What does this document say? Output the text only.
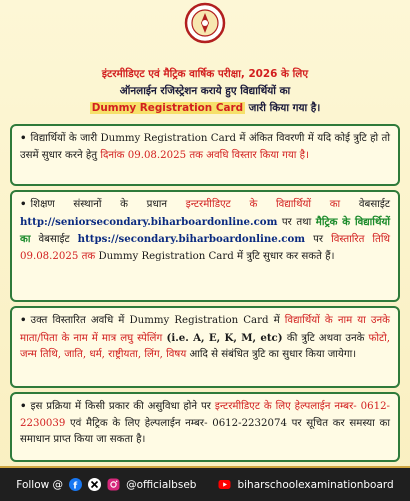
इंटरमीडिएट एवं मैट्रिक वार्षिक परीक्षा, 2026 के लिए
ऑनलाईन रजिस्ट्रेशन कराये हुए विद्यार्थियों का
Dummy Registration Card जारी किया गया है।

• विद्यार्थियों के जारी Dummy Registration Card में अंकित विवरणी में यदि कोई त्रुटि हो तो उसमें सुधार करने हेतु दिनांक 09.08.2025 तक अवधि विस्तार किया गया है।

• शिक्षण संस्थानों के प्रधान इन्टरमीडिएट के विद्यार्थियों का वेबसाईट http://seniorsecondary.biharboardonline.com पर तथा मैट्रिक के विद्यार्थियों का वेबसाईट https://secondary.biharboardonline.com पर विस्तारित तिथि 09.08.2025 तक Dummy Registration Card में त्रुटि सुधार कर सकते हैं।

• उक्त विस्तारित अवधि में Dummy Registration Card में विद्यार्थियों के नाम या उनके माता/पिता के नाम में मात्र लघु स्पेलिंग (i.e. A, E, K, M, etc) की त्रुटि अथवा उनके फोटो, जन्म तिथि, जाति, धर्म, राष्ट्रीयता, लिंग, विषय आदि से संबंधित त्रुटि का सुधार किया जायेगा।

• इस प्रक्रिया में किसी प्रकार की असुविधा होने पर इन्टरमीडिएट के लिए हेल्पलाईन नम्बर- 0612-2230039 एवं मैट्रिक के लिए हेल्पलाईन नम्बर- 0612-2232074 पर सूचित कर समस्या का समाधान प्राप्त किया जा सकता है।

Follow @ f	@officialbseb	biharschoolexaminationboard
